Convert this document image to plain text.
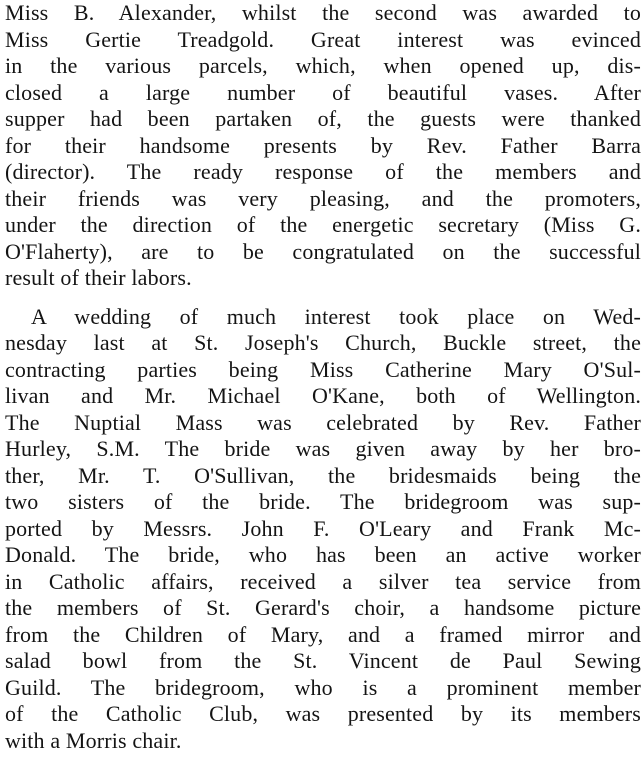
Miss B. Alexander, whilst the second was awarded to
Miss Gertie Treadgold. Great interest was evinced
in the various parcels, which, when opened up, dis-
closed a large number of beautiful vases. After
supper had been partaken of, the guests were thanked
for their handsome presents by Rev. Father Barra
(director). The ready response of the members and
their friends was very pleasing, and the promoters,
under the direction of the energetic secretary (Miss G.
O'Flaherty), are to be congratulated on the successful
result of their labors.
A wedding of much interest took place on Wed-
nesday last at St. Joseph's Church, Buckle street, the
contracting parties being Miss Catherine Mary O'Sul-
livan and Mr. Michael O'Kane, both of Wellington.
The Nuptial Mass was celebrated by Rev. Father
Hurley, S.M. The bride was given away by her bro-
ther, Mr. T. O'Sullivan, the bridesmaids being the
two sisters of the bride. The bridegroom was sup-
ported by Messrs. John F. O'Leary and Frank Mc-
Donald. The bride, who has been an active worker
in Catholic affairs, received a silver tea service from
the members of St. Gerard's choir, a handsome picture
from the Children of Mary, and a framed mirror and
salad bowl from the St. Vincent de Paul Sewing
Guild. The bridegroom, who is a prominent member
of the Catholic Club, was presented by its members
with a Morris chair.
